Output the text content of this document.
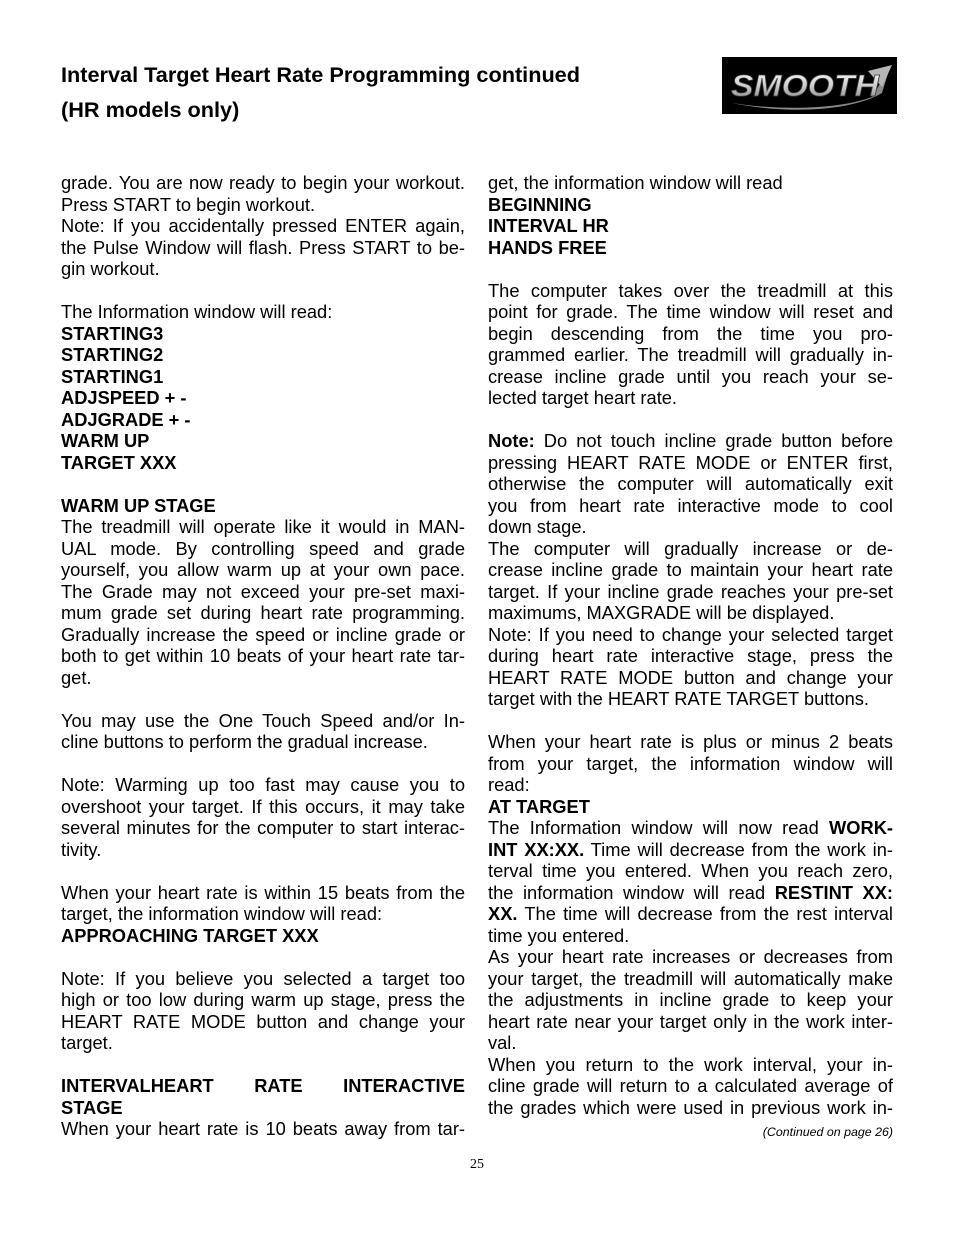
Interval Target Heart Rate Programming continued
(HR models only)
SMOOTH
grade. You are now ready to begin your workout.
Press START to begin workout.
Note: If you accidentally pressed ENTER again,
the Pulse Window will flash. Press START to be-
gin workout.
The Information window will read:
STARTING3
STARTING2
STARTING1
ADJSPEED + -
ADJGRADE + -
WARM UP
TARGET XXX
WARM UP STAGE
The treadmill will operate like it would in MAN-
UAL mode. By controlling speed and grade
yourself, you allow warm up at your own pace.
The Grade may not exceed your pre-set maxi-
mum grade set during heart rate programming.
Gradually increase the speed or incline grade or
both to get within 10 beats of your heart rate tar-
get.
You may use the One Touch Speed and/or In-
cline buttons to perform the gradual increase.
Note: Warming up too fast may cause you to
overshoot your target. If this occurs, it may take
several minutes for the computer to start interac-
tivity.
When your heart rate is within 15 beats from the
target, the information window will read:
APPROACHING TARGET XXX
Note: If you believe you selected a target too
high or too low during warm up stage, press the
HEART RATE MODE button and change your
target.
INTERVALHEART RATE INTERACTIVE
STAGE
When your heart rate is 10 beats away from tar-
get, the information window will read
BEGINNING
INTERVAL HR
HANDS FREE
The computer takes over the treadmill at this
point for grade. The time window will reset and
begin descending from the time you pro-
grammed earlier. The treadmill will gradually in-
crease incline grade until you reach your se-
lected target heart rate.
Note: Do not touch incline grade button before
pressing HEART RATE MODE or ENTER first,
otherwise the computer will automatically exit
you from heart rate interactive mode to cool
down stage.
The computer will gradually increase or de-
crease incline grade to maintain your heart rate
target. If your incline grade reaches your pre-set
maximums, MAXGRADE will be displayed.
Note: If you need to change your selected target
during heart rate interactive stage, press the
HEART RATE MODE button and change your
target with the HEART RATE TARGET buttons.
When your heart rate is plus or minus 2 beats
from your target, the information window will
read:
AT TARGET
The Information window will now read WORK-
INT XX:XX. Time will decrease from the work in-
terval time you entered. When you reach zero,
the information window will read RESTINT XX:
XX. The time will decrease from the rest interval
time you entered.
As your heart rate increases or decreases from
your target, the treadmill will automatically make
the adjustments in incline grade to keep your
heart rate near your target only in the work inter-
val.
When you return to the work interval, your in-
cline grade will return to a calculated average of
the grades which were used in previous work in-
(Continued on page 26)
25
